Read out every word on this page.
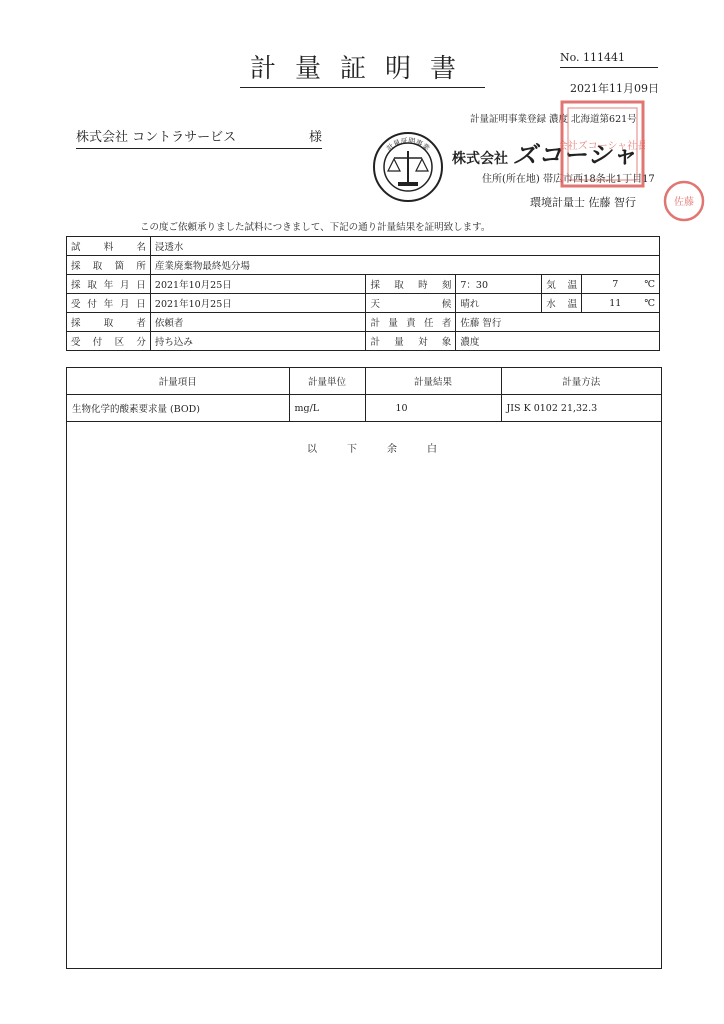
計量証明書	No. 111441
2021年11月09日
計量証明事業登録 濃度 北海道第621号
株式会社 コントラサービス	様
計量証明事業
株式会社 ズコーシャ
住所(所在地) 帯広市西18条北1丁目17
環境計量士 佐藤 智行
会社ズコーシャ社長
佐藤
この度ご依頼承りました試料につきまして、下記の通り計量結果を証明致します。
試料名	浸透水				
採取箇所	産業廃棄物最終処分場				
採取年月日	2021年10月25日	採取時刻	7：30	気温	7 ℃

受付年月日	2021年10月25日	天候	晴れ	水温	11 ℃

採取者	依頼者	計量責任者	佐藤 智行		
受付区分	持ち込み	計量対象	濃度		
計量項目	計量単位	計量結果	計量方法
生物化学的酸素要求量 (BOD)	mg/L	10	JIS K 0102 21,32.3
以下余白
